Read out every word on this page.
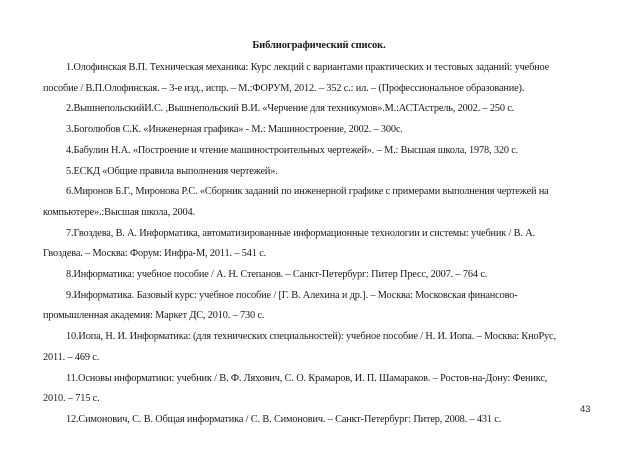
Библиографический список.
1.Олофинская В.П. Техническая механика: Курс лекций с вариантами практических и тестовых заданий: учебное
пособие / В.П.Олофинская. – 3-е изд., испр. – М.:ФОРУМ, 2012. – 352 с.: ил. – (Профессиональное образование).
2.ВышнепольскийИ.С. ,Вышнепольский В.И. «Черчение для техникумов».М.:АСТАстрель, 2002. – 250 с.
3.Боголюбов С.К. «Инженерная графика» - М.: Машиностроение, 2002. – 300с.
4.Бабулин Н.А. «Построение и чтение машиностроительных чертежей». – М.: Высшая школа, 1978, 320 с.
5.ЕСКД «Общие правила выполнения чертежей».
6.Миронов Б.Г., Миронова Р.С. «Сборник заданий по инженерной графике с примерами выполнения чертежей на
компьютере».:Высшая школа, 2004.
7.Гвоздева, В. А. Информатика, автоматизированные информационные технологии и системы: учебник / В. А.
Гвоздева. – Москва: Форум: Инфра-М, 2011. – 541 с.
8.Информатика: учебное пособие / А. Н. Степанов. – Санкт-Петербург: Питер Пресс, 2007. – 764 с.
9.Информатика. Базовый курс: учебное пособие / [Г. В. Алехина и др.]. – Москва: Московская финансово-
промышленная академия: Маркет ДС, 2010. – 730 с.
10.Иопа, Н. И. Информатика: (для технических специальностей): учебное пособие / Н. И. Иопа. – Москва: КноРус,
2011. – 469 с.
11.Основы информатики: учебник / В. Ф. Ляхович, С. О. Крамаров, И. П. Шамараков. – Ростов-на-Дону: Феникс,
2010. – 715 с.
12.Симонович, С. В. Общая информатика / С. В. Симонович. – Санкт-Петербург: Питер, 2008. – 431 с.
43
